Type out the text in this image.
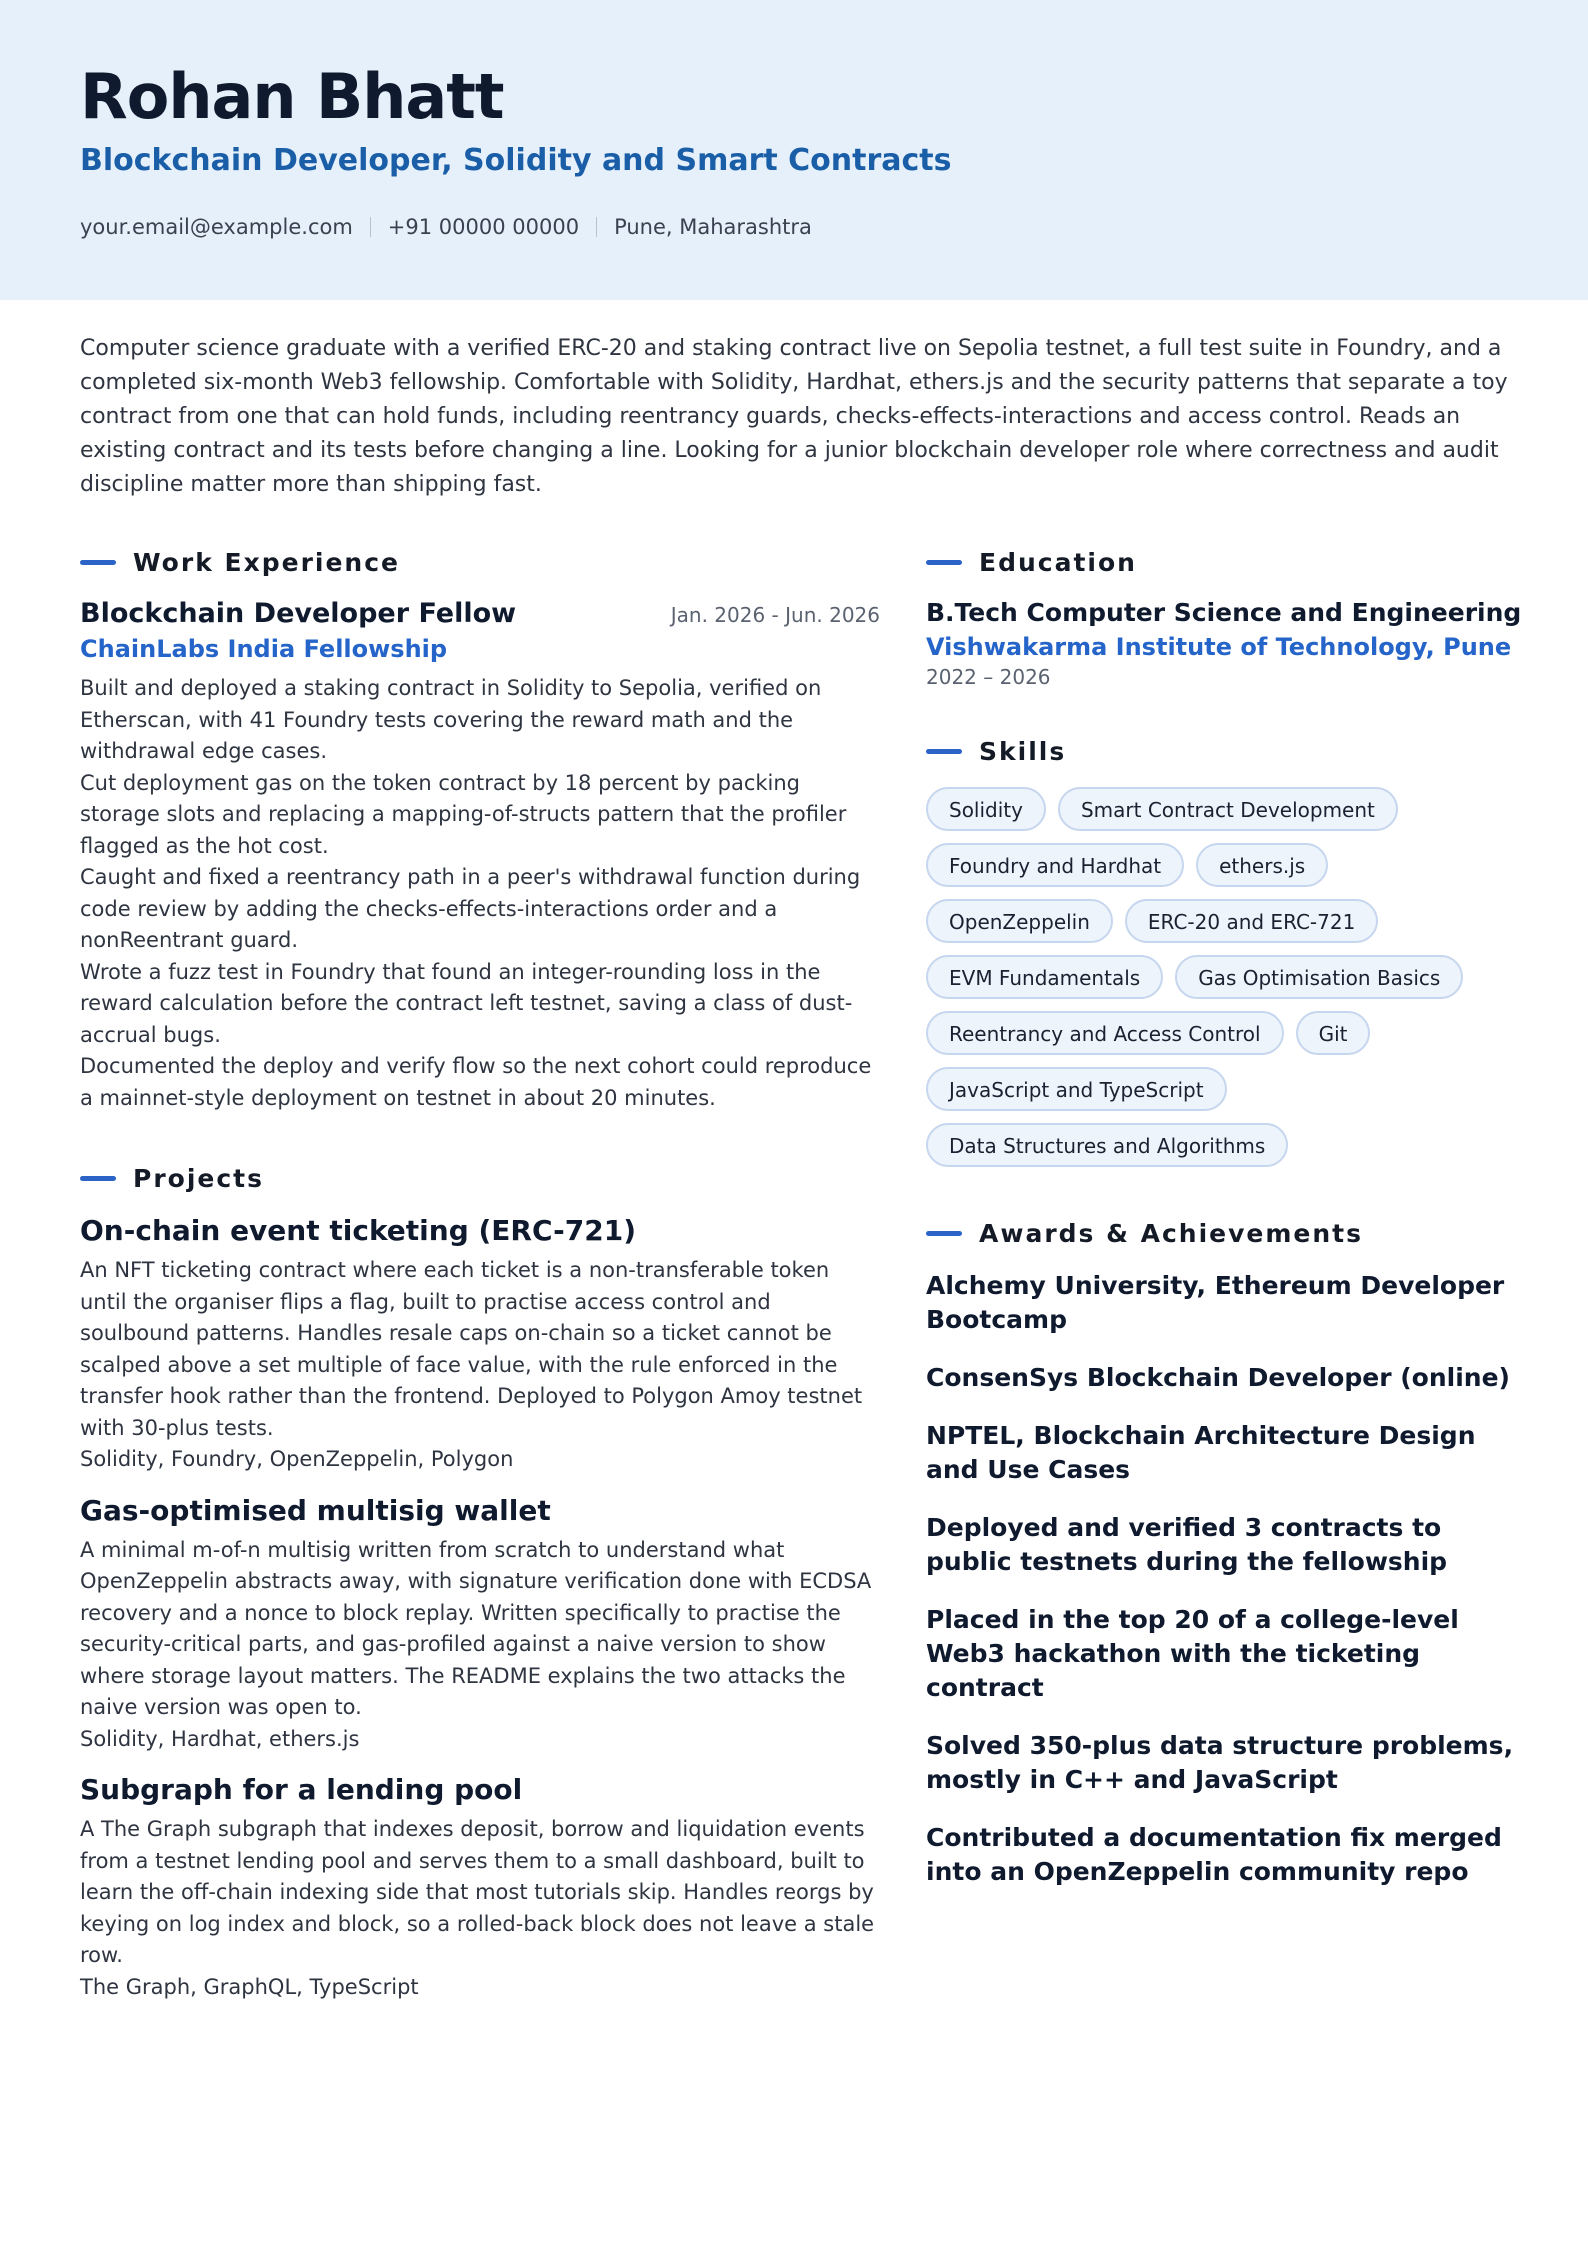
Rohan Bhatt
Blockchain Developer, Solidity and Smart Contracts
your.email@example.com +91 00000 00000 Pune, Maharashtra
Computer science graduate with a verified ERC-20 and staking contract live on Sepolia testnet, a full test suite in Foundry, and a completed six-month Web3 fellowship. Comfortable with Solidity, Hardhat, ethers.js and the security patterns that separate a toy contract from one that can hold funds, including reentrancy guards, checks-effects-interactions and access control. Reads an existing contract and its tests before changing a line. Looking for a junior blockchain developer role where correctness and audit discipline matter more than shipping fast.
Work Experience
Blockchain Developer Fellow	Jan. 2026 - Jun. 2026
ChainLabs India Fellowship
Built and deployed a staking contract in Solidity to Sepolia, verified on Etherscan, with 41 Foundry tests covering the reward math and the withdrawal edge cases.
Cut deployment gas on the token contract by 18 percent by packing storage slots and replacing a mapping-of-structs pattern that the profiler flagged as the hot cost.
Caught and fixed a reentrancy path in a peer's withdrawal function during code review by adding the checks-effects-interactions order and a nonReentrant guard.
Wrote a fuzz test in Foundry that found an integer-rounding loss in the reward calculation before the contract left testnet, saving a class of dust-accrual bugs.
Documented the deploy and verify flow so the next cohort could reproduce a mainnet-style deployment on testnet in about 20 minutes.
Projects
On-chain event ticketing (ERC-721)
An NFT ticketing contract where each ticket is a non-transferable token until the organiser flips a flag, built to practise access control and soulbound patterns. Handles resale caps on-chain so a ticket cannot be scalped above a set multiple of face value, with the rule enforced in the transfer hook rather than the frontend. Deployed to Polygon Amoy testnet with 30-plus tests.
Solidity, Foundry, OpenZeppelin, Polygon
Gas-optimised multisig wallet
A minimal m-of-n multisig written from scratch to understand what OpenZeppelin abstracts away, with signature verification done with ECDSA recovery and a nonce to block replay. Written specifically to practise the security-critical parts, and gas-profiled against a naive version to show where storage layout matters. The README explains the two attacks the naive version was open to.
Solidity, Hardhat, ethers.js
Subgraph for a lending pool
A The Graph subgraph that indexes deposit, borrow and liquidation events from a testnet lending pool and serves them to a small dashboard, built to learn the off-chain indexing side that most tutorials skip. Handles reorgs by keying on log index and block, so a rolled-back block does not leave a stale row.
The Graph, GraphQL, TypeScript
Education
B.Tech Computer Science and Engineering
Vishwakarma Institute of Technology, Pune
2022 – 2026
Skills
Solidity	Smart Contract Development
Foundry and Hardhat	ethers.js
OpenZeppelin	ERC-20 and ERC-721
EVM Fundamentals	Gas Optimisation Basics
Reentrancy and Access Control	Git
JavaScript and TypeScript
Data Structures and Algorithms
Awards & Achievements
Alchemy University, Ethereum Developer Bootcamp
ConsenSys Blockchain Developer (online)
NPTEL, Blockchain Architecture Design and Use Cases
Deployed and verified 3 contracts to public testnets during the fellowship
Placed in the top 20 of a college-level Web3 hackathon with the ticketing contract
Solved 350-plus data structure problems, mostly in C++ and JavaScript
Contributed a documentation fix merged into an OpenZeppelin community repo
